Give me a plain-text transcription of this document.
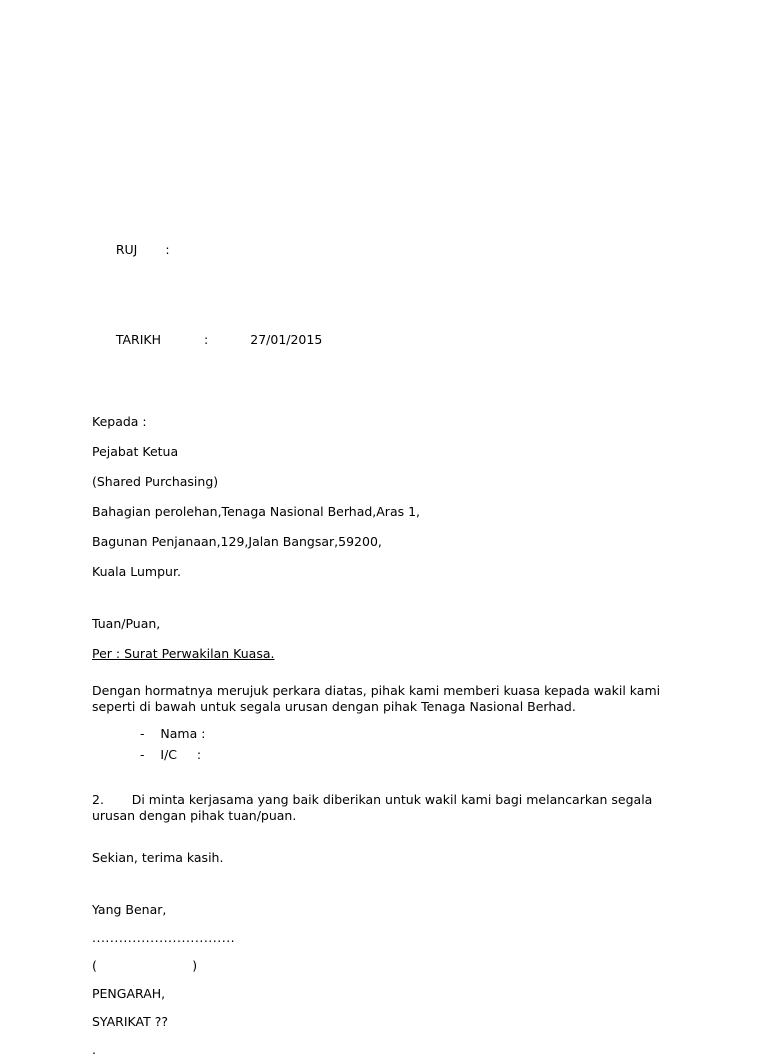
RUJ :

TARIKH	:	27/01/2015

Kepada :
Pejabat Ketua
(Shared Purchasing)
Bahagian perolehan,Tenaga Nasional Berhad,Aras 1,
Bagunan Penjanaan,129,Jalan Bangsar,59200,
Kuala Lumpur.
Tuan/Puan,
Per : Surat Perwakilan Kuasa.

Dengan hormatnya merujuk perkara diatas, pihak kami memberi kuasa kepada wakil kami seperti di bawah untuk segala urusan dengan pihak Tenaga Nasional Berhad.

-    Nama :
-    I/C     :

2.       Di minta kerjasama yang baik diberikan untuk wakil kami bagi melancarkan segala urusan dengan pihak tuan/puan.

Sekian, terima kasih.
Yang Benar,
................................
(                        )
PENGARAH,
SYARIKAT ??
.
